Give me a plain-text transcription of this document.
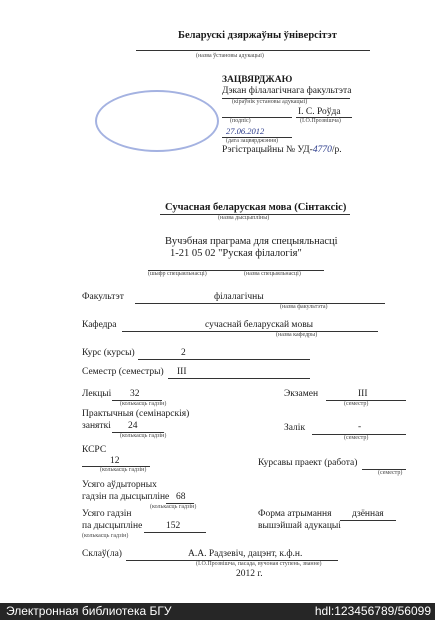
Беларускі дзяржаўны ўніверсітэт
(назва ўстановы адукацыі)
ЗАЦВЯРДЖАЮ
Дэкан філалагічнага факультэта
(кіраўнік установы адукацыі)
І. С. Роўда
(подпіс)	(І.О.Прозвішча)
27.06.2012
(дата зацвярджэння)
Рэгістрацыйны № УД-4770/р.
Сучасная беларуская мова (Сінтаксіс)
(назва дысцыпліны)
Вучэбная праграма для спецыяльнасці
1-21 05 02 "Руская філалогія"
(шыфр спецыяльнасці)	(назва спецыяльнасці)
Факультэт	філалагічны
(назва факультэта)
Кафедра	сучаснай беларускай мовы
(назва кафедры)
Курс (курсы)	2
Семестр (семестры) III
Лекцыі 32
(колькасць гадзін)
Экзамен	III
(семестр)
Практычныя (семінарскія)
заняткі 24
(колькасць гадзін)
Залік	-
(семестр)
КСРС
12
(колькасць гадзін)
Курсавы праект (работа)
(семестр)
Усяго аўдыторных
гадзін па дысцыпліне 68
(колькасць гадзін)
Усяго гадзін
па дысцыпліне 152
(колькасць гадзін)
Форма атрымання дзённая
вышэйшай адукацыі
Склаў(ла)	А.А. Радзевіч, дацэнт, к.ф.н.
(І.О.Прозвішча, пасада, вучоная ступень, званне)
2012 г.
Электронная библиотека БГУ	hdl:123456789/56099
